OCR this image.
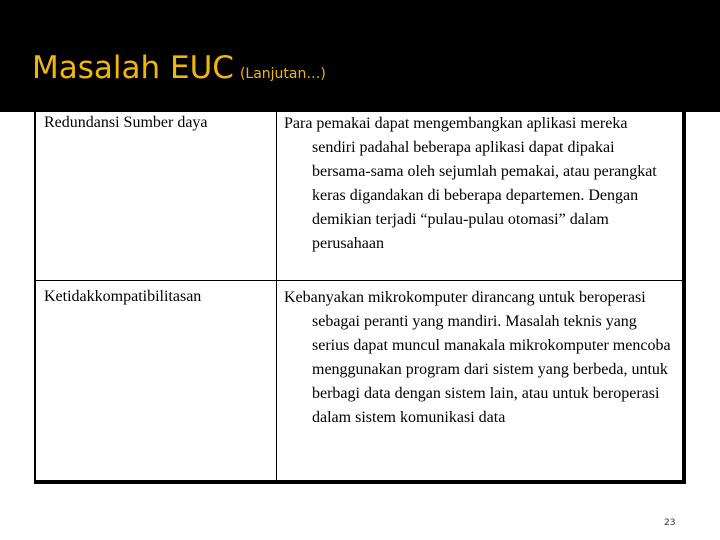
Masalah EUC (Lanjutan…)
Redundansi Sumber daya	Para pemakai dapat mengembangkan aplikasi mereka sendiri padahal beberapa aplikasi dapat dipakai bersama-sama oleh sejumlah pemakai, atau perangkat keras digandakan di beberapa departemen. Dengan demikian terjadi “pulau-pulau otomasi” dalam perusahaan
Ketidakkompatibilitasan	Kebanyakan mikrokomputer dirancang untuk beroperasi sebagai peranti yang mandiri. Masalah teknis yang serius dapat muncul manakala mikrokomputer mencoba menggunakan program dari sistem yang berbeda, untuk berbagi data dengan sistem lain, atau untuk beroperasi dalam sistem komunikasi data
23
